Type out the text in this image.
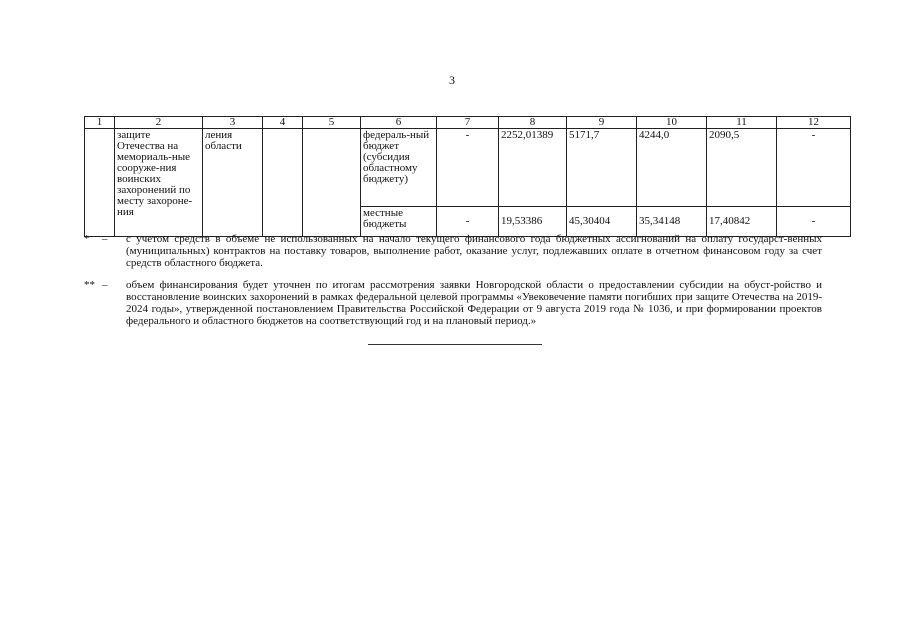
3
1	2	3	4	5	6	7	8	9	10	11	12
	защите Отечества на мемориаль-ные сооруже-ния воинских захоронений по месту захороне-ния	ления области			федераль-ный бюджет (субсидия областному бюджету)	-	2252,01389	5171,7	4244,0	2090,5	-
					местные бюджеты	-	19,53386	45,30404	35,34148	17,40842	-
*	–	с учетом средств в объеме не использованных на начало текущего финансового года бюджетных ассигнований на оплату государст-венных (муниципальных) контрактов на поставку товаров, выполнение работ, оказание услуг, подлежавших оплате в отчетном финансовом году за счет средств областного бюджета.
** –	объем финансирования будет уточнен по итогам рассмотрения заявки Новгородской области о предоставлении субсидии на обуст-ройство и восстановление воинских захоронений в рамках федеральной целевой программы «Увековечение памяти погибших при защите Отечества на 2019-2024 годы», утвержденной постановлением Правительства Российской Федерации от 9 августа 2019 года № 1036, и при формировании проектов федерального и областного бюджетов на соответствующий год и на плановый период.»
